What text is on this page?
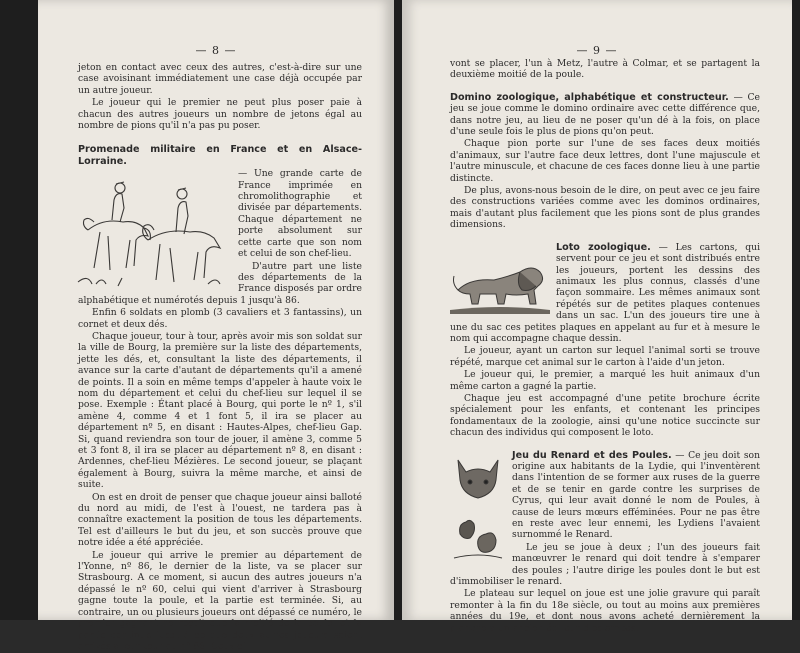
— 8 —

jeton en contact avec ceux des autres, c'est-à-dire sur une case avoisinant immédiatement une case déjà occupée par un autre joueur.

Le joueur qui le premier ne peut plus poser paie à chacun des autres joueurs un nombre de jetons égal au nombre de pions qu'il n'a pas pu poser.

Promenade militaire en France et en Alsace-Lorraine.

— Une grande carte de France imprimée en chromolithographie et divisée par départements. Chaque département ne porte absolument sur cette carte que son nom et celui de son chef-lieu.

D'autre part une liste des départements de la France disposés par ordre alphabétique et numérotés depuis 1 jusqu'à 86.

Enfin 6 soldats en plomb (3 cavaliers et 3 fantassins), un cornet et deux dés.

Chaque joueur, tour à tour, après avoir mis son soldat sur la ville de Bourg, la première sur la liste des départements, jette les dés, et, consultant la liste des départements, il avance sur la carte d'autant de départements qu'il a amené de points. Il a soin en même temps d'appeler à haute voix le nom du département et celui du chef-lieu sur lequel il se pose. Exemple : Étant placé à Bourg, qui porte le nº 1, s'il amène 4, comme 4 et 1 font 5, il ira se placer au département nº 5, en disant : Hautes-Alpes, chef-lieu Gap. Si, quand reviendra son tour de jouer, il amène 3, comme 5 et 3 font 8, il ira se placer au département nº 8, en disant : Ardennes, chef-lieu Mézières. Le second joueur, se plaçant également à Bourg, suivra la même marche, et ainsi de suite.

On est en droit de penser que chaque joueur ainsi balloté du nord au midi, de l'est à l'ouest, ne tardera pas à connaître exactement la position de tous les départements. Tel est d'ailleurs le but du jeu, et son succès prouve que notre idée a été appréciée.

Le joueur qui arrive le premier au département de l'Yonne, nº 86, le dernier de la liste, va se placer sur Strasbourg. A ce moment, si aucun des autres joueurs n'a dépassé le nº 60, celui qui vient d'arriver à Strasbourg gagne toute la poule, et la partie est terminée. Si, au contraire, un ou plusieurs joueurs ont dépassé ce numéro, le premier gagnant ne reçoit que la moitié de la poule, et la partie continue jusqu'à ce que deux autres joueurs soient arrivés à leur tour au nº 86. Ceux-ci

— 9 —

vont se placer, l'un à Metz, l'autre à Colmar, et se partagent la deuxième moitié de la poule.

Domino zoologique, alphabétique et constructeur. — Ce jeu se joue comme le domino ordinaire avec cette différence que, dans notre jeu, au lieu de ne poser qu'un dé à la fois, on place d'une seule fois le plus de pions qu'on peut.

Chaque pion porte sur l'une de ses faces deux moitiés d'animaux, sur l'autre face deux lettres, dont l'une majuscule et l'autre minuscule, et chacune de ces faces donne lieu à une partie distincte.

De plus, avons-nous besoin de le dire, on peut avec ce jeu faire des constructions variées comme avec les dominos ordinaires, mais d'autant plus facilement que les pions sont de plus grandes dimensions.

Loto zoologique. — Les cartons, qui servent pour ce jeu et sont distribués entre les joueurs, portent les dessins des animaux les plus connus, classés d'une façon sommaire. Les mêmes animaux sont répétés sur de petites plaques contenues dans un sac. L'un des joueurs tire une à une du sac ces petites plaques en appelant au fur et à mesure le nom qui accompagne chaque dessin.

Le joueur, ayant un carton sur lequel l'animal sorti se trouve répété, marque cet animal sur le carton à l'aide d'un jeton.

Le joueur qui, le premier, a marqué les huit animaux d'un même carton a gagné la partie.

Chaque jeu est accompagné d'une petite brochure écrite spécialement pour les enfants, et contenant les principes fondamentaux de la zoologie, ainsi qu'une notice succincte sur chacun des individus qui composent le loto.

Jeu du Renard et des Poules. — Ce jeu doit son origine aux habitants de la Lydie, qui l'inventèrent dans l'intention de se former aux ruses de la guerre et de se tenir en garde contre les surprises de Cyrus, qui leur avait donné le nom de Poules, à cause de leurs mœurs efféminées. Pour ne pas être en reste avec leur ennemi, les Lydiens l'avaient surnommé le Renard.

Le jeu se joue à deux ; l'un des joueurs fait manœuvrer le renard qui doit tendre à s'emparer des poules ; l'autre dirige les poules dont le but est d'immobiliser le renard.

Le plateau sur lequel on joue est une jolie gravure qui paraît remonter à la fin du 18e siècle, ou tout au moins aux premières années du 19e, et dont nous avons acheté dernièrement la planche à un ancien éditeur d'estampes.
